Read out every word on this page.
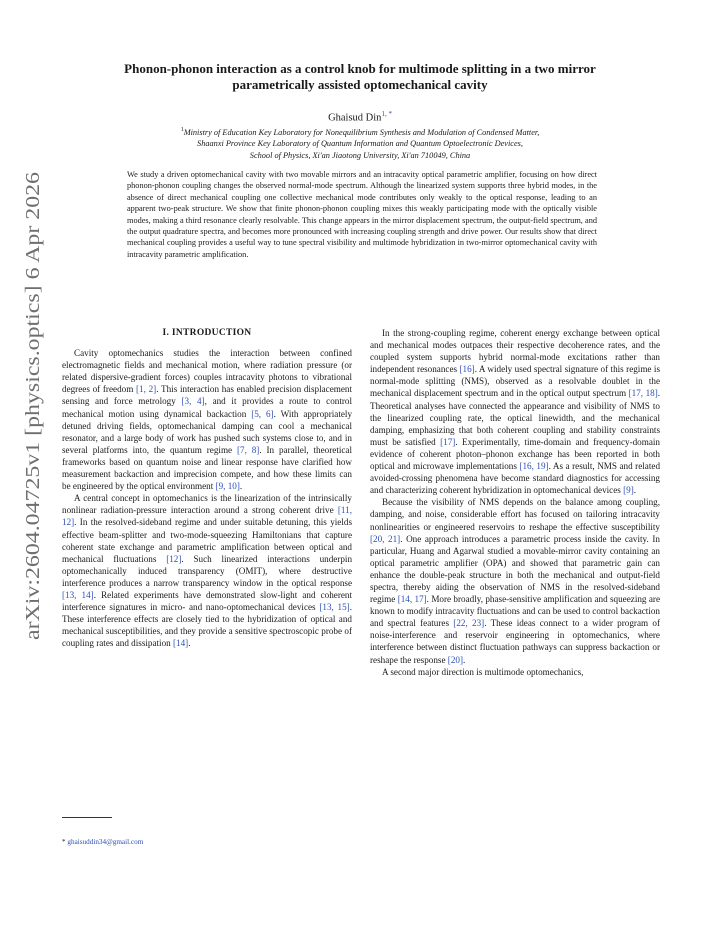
arXiv:2604.04725v1 [physics.optics] 6 Apr 2026
Phonon-phonon interaction as a control knob for multimode splitting in a two mirror
parametrically assisted optomechanical cavity
Ghaisud Din$^{1, *}$
$^1$Ministry of Education Key Laboratory for Nonequilibrium Synthesis and Modulation of Condensed Matter,
Shaanxi Province Key Laboratory of Quantum Information and Quantum Optoelectronic Devices,
School of Physics, Xi'an Jiaotong University, Xi'an 710049, China
We study a driven optomechanical cavity with two movable mirrors and an intracavity optical parametric amplifier, focusing on how direct phonon-phonon coupling changes the observed normal-mode spectrum. Although the linearized system supports three hybrid modes, in the absence of direct mechanical coupling one collective mechanical mode contributes only weakly to the optical response, leading to an apparent two-peak structure. We show that finite phonon-phonon coupling mixes this weakly participating mode with the optically visible modes, making a third resonance clearly resolvable. This change appears in the mirror displacement spectrum, the output-field spectrum, and the output quadrature spectra, and becomes more pronounced with increasing coupling strength and drive power. Our results show that direct mechanical coupling provides a useful way to tune spectral visibility and multimode hybridization in two-mirror optomechanical cavity with intracavity parametric amplification.
I. INTRODUCTION

Cavity optomechanics studies the interaction between confined electromagnetic fields and mechanical motion, where radiation pressure (or related dispersive-gradient forces) couples intracavity photons to vibrational degrees of freedom [1, 2]. This interaction has enabled precision displacement sensing and force metrology [3, 4], and it provides a route to control mechanical motion using dynamical backaction [5, 6]. With appropriately detuned driving fields, optomechanical damping can cool a mechanical resonator, and a large body of work has pushed such systems close to, and in several platforms into, the quantum regime [7, 8]. In parallel, theoretical frameworks based on quantum noise and linear response have clarified how measurement backaction and imprecision compete, and how these limits can be engineered by the optical environment [9, 10].

A central concept in optomechanics is the linearization of the intrinsically nonlinear radiation-pressure interaction around a strong coherent drive [11, 12]. In the resolved-sideband regime and under suitable detuning, this yields effective beam-splitter and two-mode-squeezing Hamiltonians that capture coherent state exchange and parametric amplification between optical and mechanical fluctuations [12]. Such linearized interactions underpin optomechanically induced transparency (OMIT), where destructive interference produces a narrow transparency window in the optical response [13, 14]. Related experiments have demonstrated slow-light and coherent interference signatures in micro- and nano-optomechanical devices [13, 15]. These interference effects are closely tied to the hybridization of optical and mechanical susceptibilities, and they provide a sensitive spectroscopic probe of coupling rates and dissipation [14].

In the strong-coupling regime, coherent energy exchange between optical and mechanical modes outpaces their respective decoherence rates, and the coupled system supports hybrid normal-mode excitations rather than independent resonances [16]. A widely used spectral signature of this regime is normal-mode splitting (NMS), observed as a resolvable doublet in the mechanical displacement spectrum and in the optical output spectrum [17, 18]. Theoretical analyses have connected the appearance and visibility of NMS to the linearized coupling rate, the optical linewidth, and the mechanical damping, emphasizing that both coherent coupling and stability constraints must be satisfied [17]. Experimentally, time-domain and frequency-domain evidence of coherent photon–phonon exchange has been reported in both optical and microwave implementations [16, 19]. As a result, NMS and related avoided-crossing phenomena have become standard diagnostics for accessing and characterizing coherent hybridization in optomechanical devices [9].

Because the visibility of NMS depends on the balance among coupling, damping, and noise, considerable effort has focused on tailoring intracavity nonlinearities or engineered reservoirs to reshape the effective susceptibility [20, 21]. One approach introduces a parametric process inside the cavity. In particular, Huang and Agarwal studied a movable-mirror cavity containing an optical parametric amplifier (OPA) and showed that parametric gain can enhance the double-peak structure in both the mechanical and output-field spectra, thereby aiding the observation of NMS in the resolved-sideband regime [14, 17]. More broadly, phase-sensitive amplification and squeezing are known to modify intracavity fluctuations and can be used to control backaction and spectral features [22, 23]. These ideas connect to a wider program of noise-interference and reservoir engineering in optomechanics, where interference between distinct fluctuation pathways can suppress backaction or reshape the response [20].

A second major direction is multimode optomechanics,

* ghaisuddin34@gmail.com
